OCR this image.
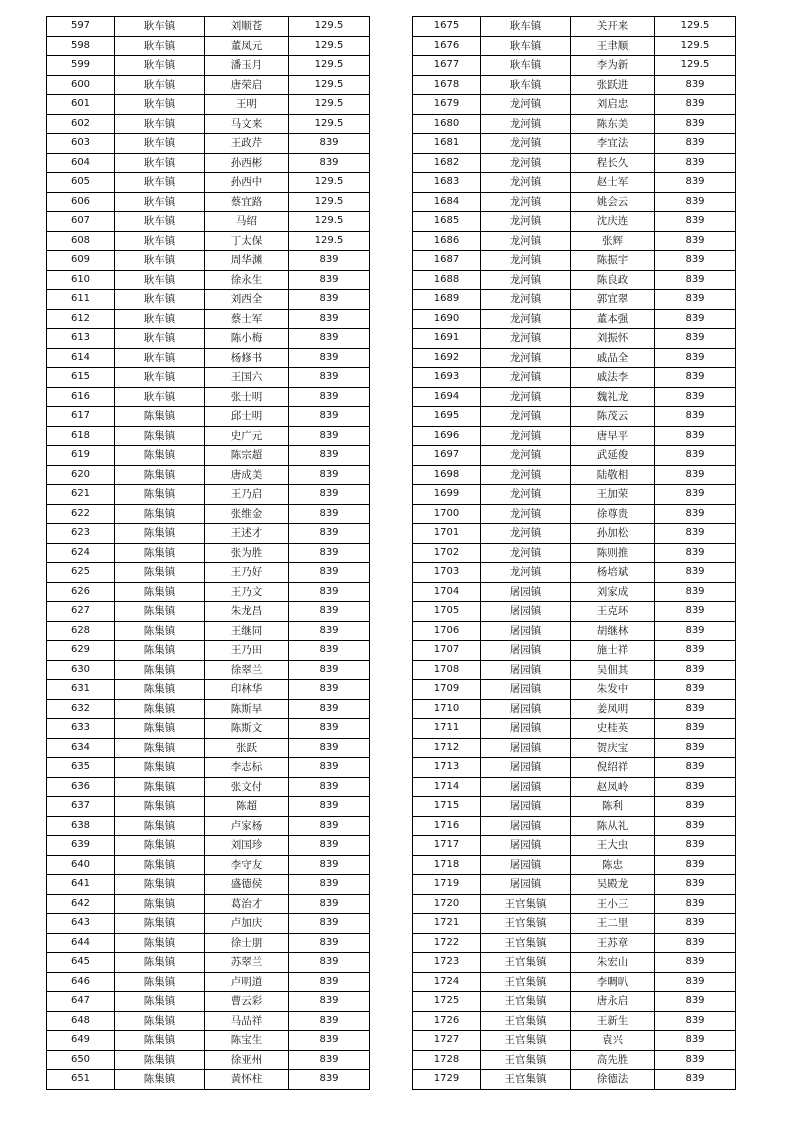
597	耿车镇	刘顺苍	129.5
598	耿车镇	董凤元	129.5
599	耿车镇	潘玉月	129.5
600	耿车镇	唐荣启	129.5
601	耿车镇	王明	129.5
602	耿车镇	马文来	129.5
603	耿车镇	王政芹	839
604	耿车镇	孙西彬	839
605	耿车镇	孙西中	129.5
606	耿车镇	蔡宜路	129.5
607	耿车镇	马绍	129.5
608	耿车镇	丁太保	129.5
609	耿车镇	周华渊	839
610	耿车镇	徐永生	839
611	耿车镇	刘西全	839
612	耿车镇	蔡士军	839
613	耿车镇	陈小梅	839
614	耿车镇	杨修书	839
615	耿车镇	王国六	839
616	耿车镇	张士明	839
617	陈集镇	邱士明	839
618	陈集镇	史广元	839
619	陈集镇	陈宗超	839
620	陈集镇	唐成美	839
621	陈集镇	王乃启	839
622	陈集镇	张维金	839
623	陈集镇	王述才	839
624	陈集镇	张为胜	839
625	陈集镇	王乃好	839
626	陈集镇	王乃文	839
627	陈集镇	朱龙昌	839
628	陈集镇	王继同	839
629	陈集镇	王乃田	839
630	陈集镇	徐翠兰	839
631	陈集镇	印林华	839
632	陈集镇	陈斯早	839
633	陈集镇	陈斯文	839
634	陈集镇	张跃	839
635	陈集镇	李志标	839
636	陈集镇	张文付	839
637	陈集镇	陈超	839
638	陈集镇	卢家杨	839
639	陈集镇	刘国珍	839
640	陈集镇	李守友	839
641	陈集镇	盛德侯	839
642	陈集镇	葛治才	839
643	陈集镇	卢加庆	839
644	陈集镇	徐士朋	839
645	陈集镇	苏翠兰	839
646	陈集镇	卢明道	839
647	陈集镇	曹云彩	839
648	陈集镇	马品祥	839
649	陈集镇	陈宝生	839
650	陈集镇	徐亚州	839
651	陈集镇	黄怀柱	839
1675	耿车镇	关开来	129.5
1676	耿车镇	王聿顺	129.5
1677	耿车镇	李为新	129.5
1678	耿车镇	张跃进	839
1679	龙河镇	刘启忠	839
1680	龙河镇	陈东美	839
1681	龙河镇	李宜法	839
1682	龙河镇	程长久	839
1683	龙河镇	赵士军	839
1684	龙河镇	姚会云	839
1685	龙河镇	沈庆连	839
1686	龙河镇	张辉	839
1687	龙河镇	陈振宇	839
1688	龙河镇	陈良政	839
1689	龙河镇	郭宜翠	839
1690	龙河镇	董本强	839
1691	龙河镇	刘振怀	839
1692	龙河镇	戚品全	839
1693	龙河镇	戚法李	839
1694	龙河镇	魏礼龙	839
1695	龙河镇	陈茂云	839
1696	龙河镇	唐早平	839
1697	龙河镇	武延俊	839
1698	龙河镇	陆敬相	839
1699	龙河镇	王加荣	839
1700	龙河镇	徐尊贵	839
1701	龙河镇	孙加松	839
1702	龙河镇	陈则推	839
1703	龙河镇	杨培斌	839
1704	屠园镇	刘家成	839
1705	屠园镇	王克环	839
1706	屠园镇	胡继林	839
1707	屠园镇	施士祥	839
1708	屠园镇	吴佃其	839
1709	屠园镇	朱发中	839
1710	屠园镇	姜凤明	839
1711	屠园镇	史桂英	839
1712	屠园镇	贺庆宝	839
1713	屠园镇	倪绍祥	839
1714	屠园镇	赵凤岭	839
1715	屠园镇	陈利	839
1716	屠园镇	陈从礼	839
1717	屠园镇	王大虫	839
1718	屠园镇	陈忠	839
1719	屠园镇	吴殿龙	839
1720	王官集镇	王小三	839
1721	王官集镇	王二里	839
1722	王官集镇	王苏章	839
1723	王官集镇	朱宏山	839
1724	王官集镇	李啁叭	839
1725	王官集镇	唐永启	839
1726	王官集镇	王新生	839
1727	王官集镇	袁兴	839
1728	王官集镇	高先胜	839
1729	王官集镇	徐德法	839
